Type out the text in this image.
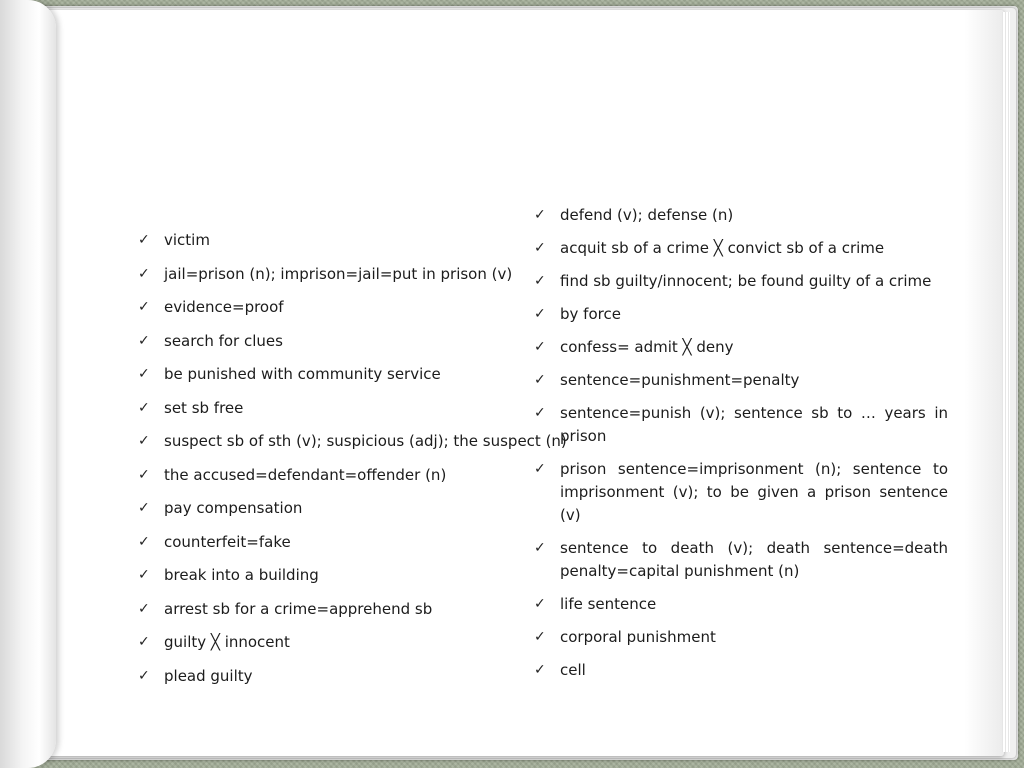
✓ victim
✓ jail=prison (n); imprison=jail=put in prison (v)
✓ evidence=proof
✓ search for clues
✓ be punished with community service
✓ set sb free
✓ suspect sb of sth (v); suspicious (adj); the suspect (n)
✓ the accused=defendant=offender (n)
✓ pay compensation
✓ counterfeit=fake
✓ break into a building
✓ arrest sb for a crime=apprehend sb
✓ guilty ╳ innocent
✓ plead guilty
✓ defend (v); defense (n)
✓ acquit sb of a crime ╳ convict sb of a crime
✓ find sb guilty/innocent; be found guilty of a crime
✓ by force
✓ confess= admit ╳ deny
✓ sentence=punishment=penalty
✓ sentence=punish (v); sentence sb to … years in prison
✓ prison sentence=imprisonment (n); sentence to imprisonment (v); to be given a prison sentence (v)
✓ sentence to death (v); death sentence=death penalty=capital punishment (n)
✓ life sentence
✓ corporal punishment
✓ cell
